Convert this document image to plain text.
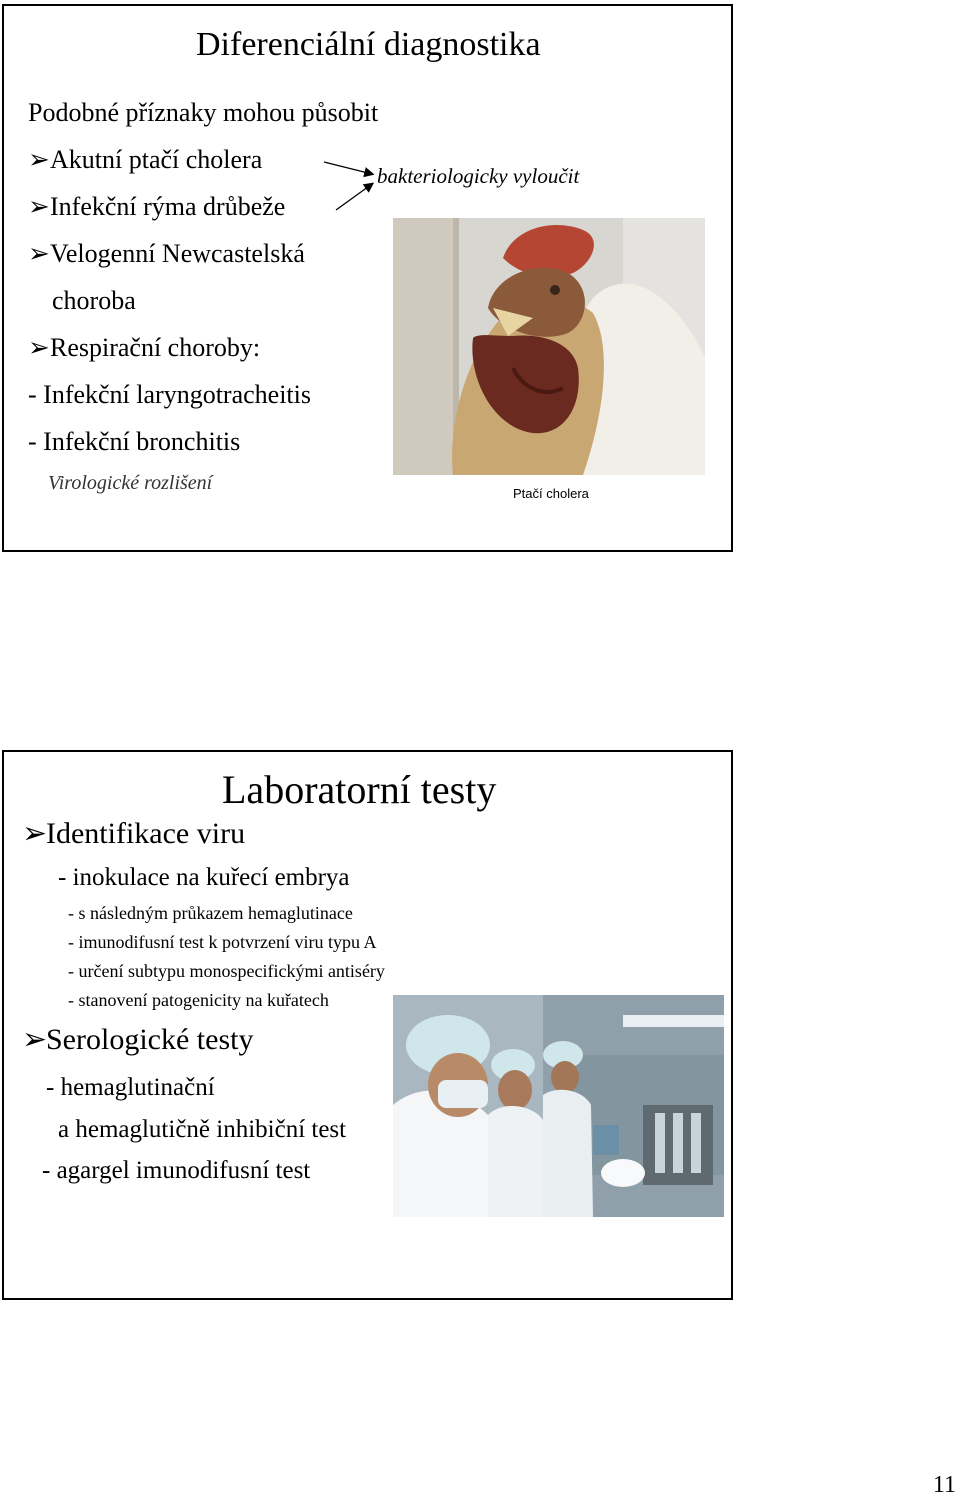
Diferenciální diagnostika
Podobné příznaky mohou působit
➢Akutní ptačí cholera
➢Infekční rýma drůbeže
➢Velogenní Newcastelská
choroba
➢Respirační choroby:
- Infekční laryngotracheitis
- Infekční bronchitis
Virologické rozlišení
bakteriologicky vyloučit
Ptačí cholera
Laboratorní testy
➢Identifikace viru
- inokulace na kuřecí embrya
- s následným průkazem hemaglutinace
- imunodifusní test k potvrzení viru typu A
- určení subtypu monospecifickými antiséry
- stanovení patogenicity na kuřatech
➢Serologické testy
- hemaglutinační
a hemaglutičně inhibiční test
- agargel imunodifusní test
11
